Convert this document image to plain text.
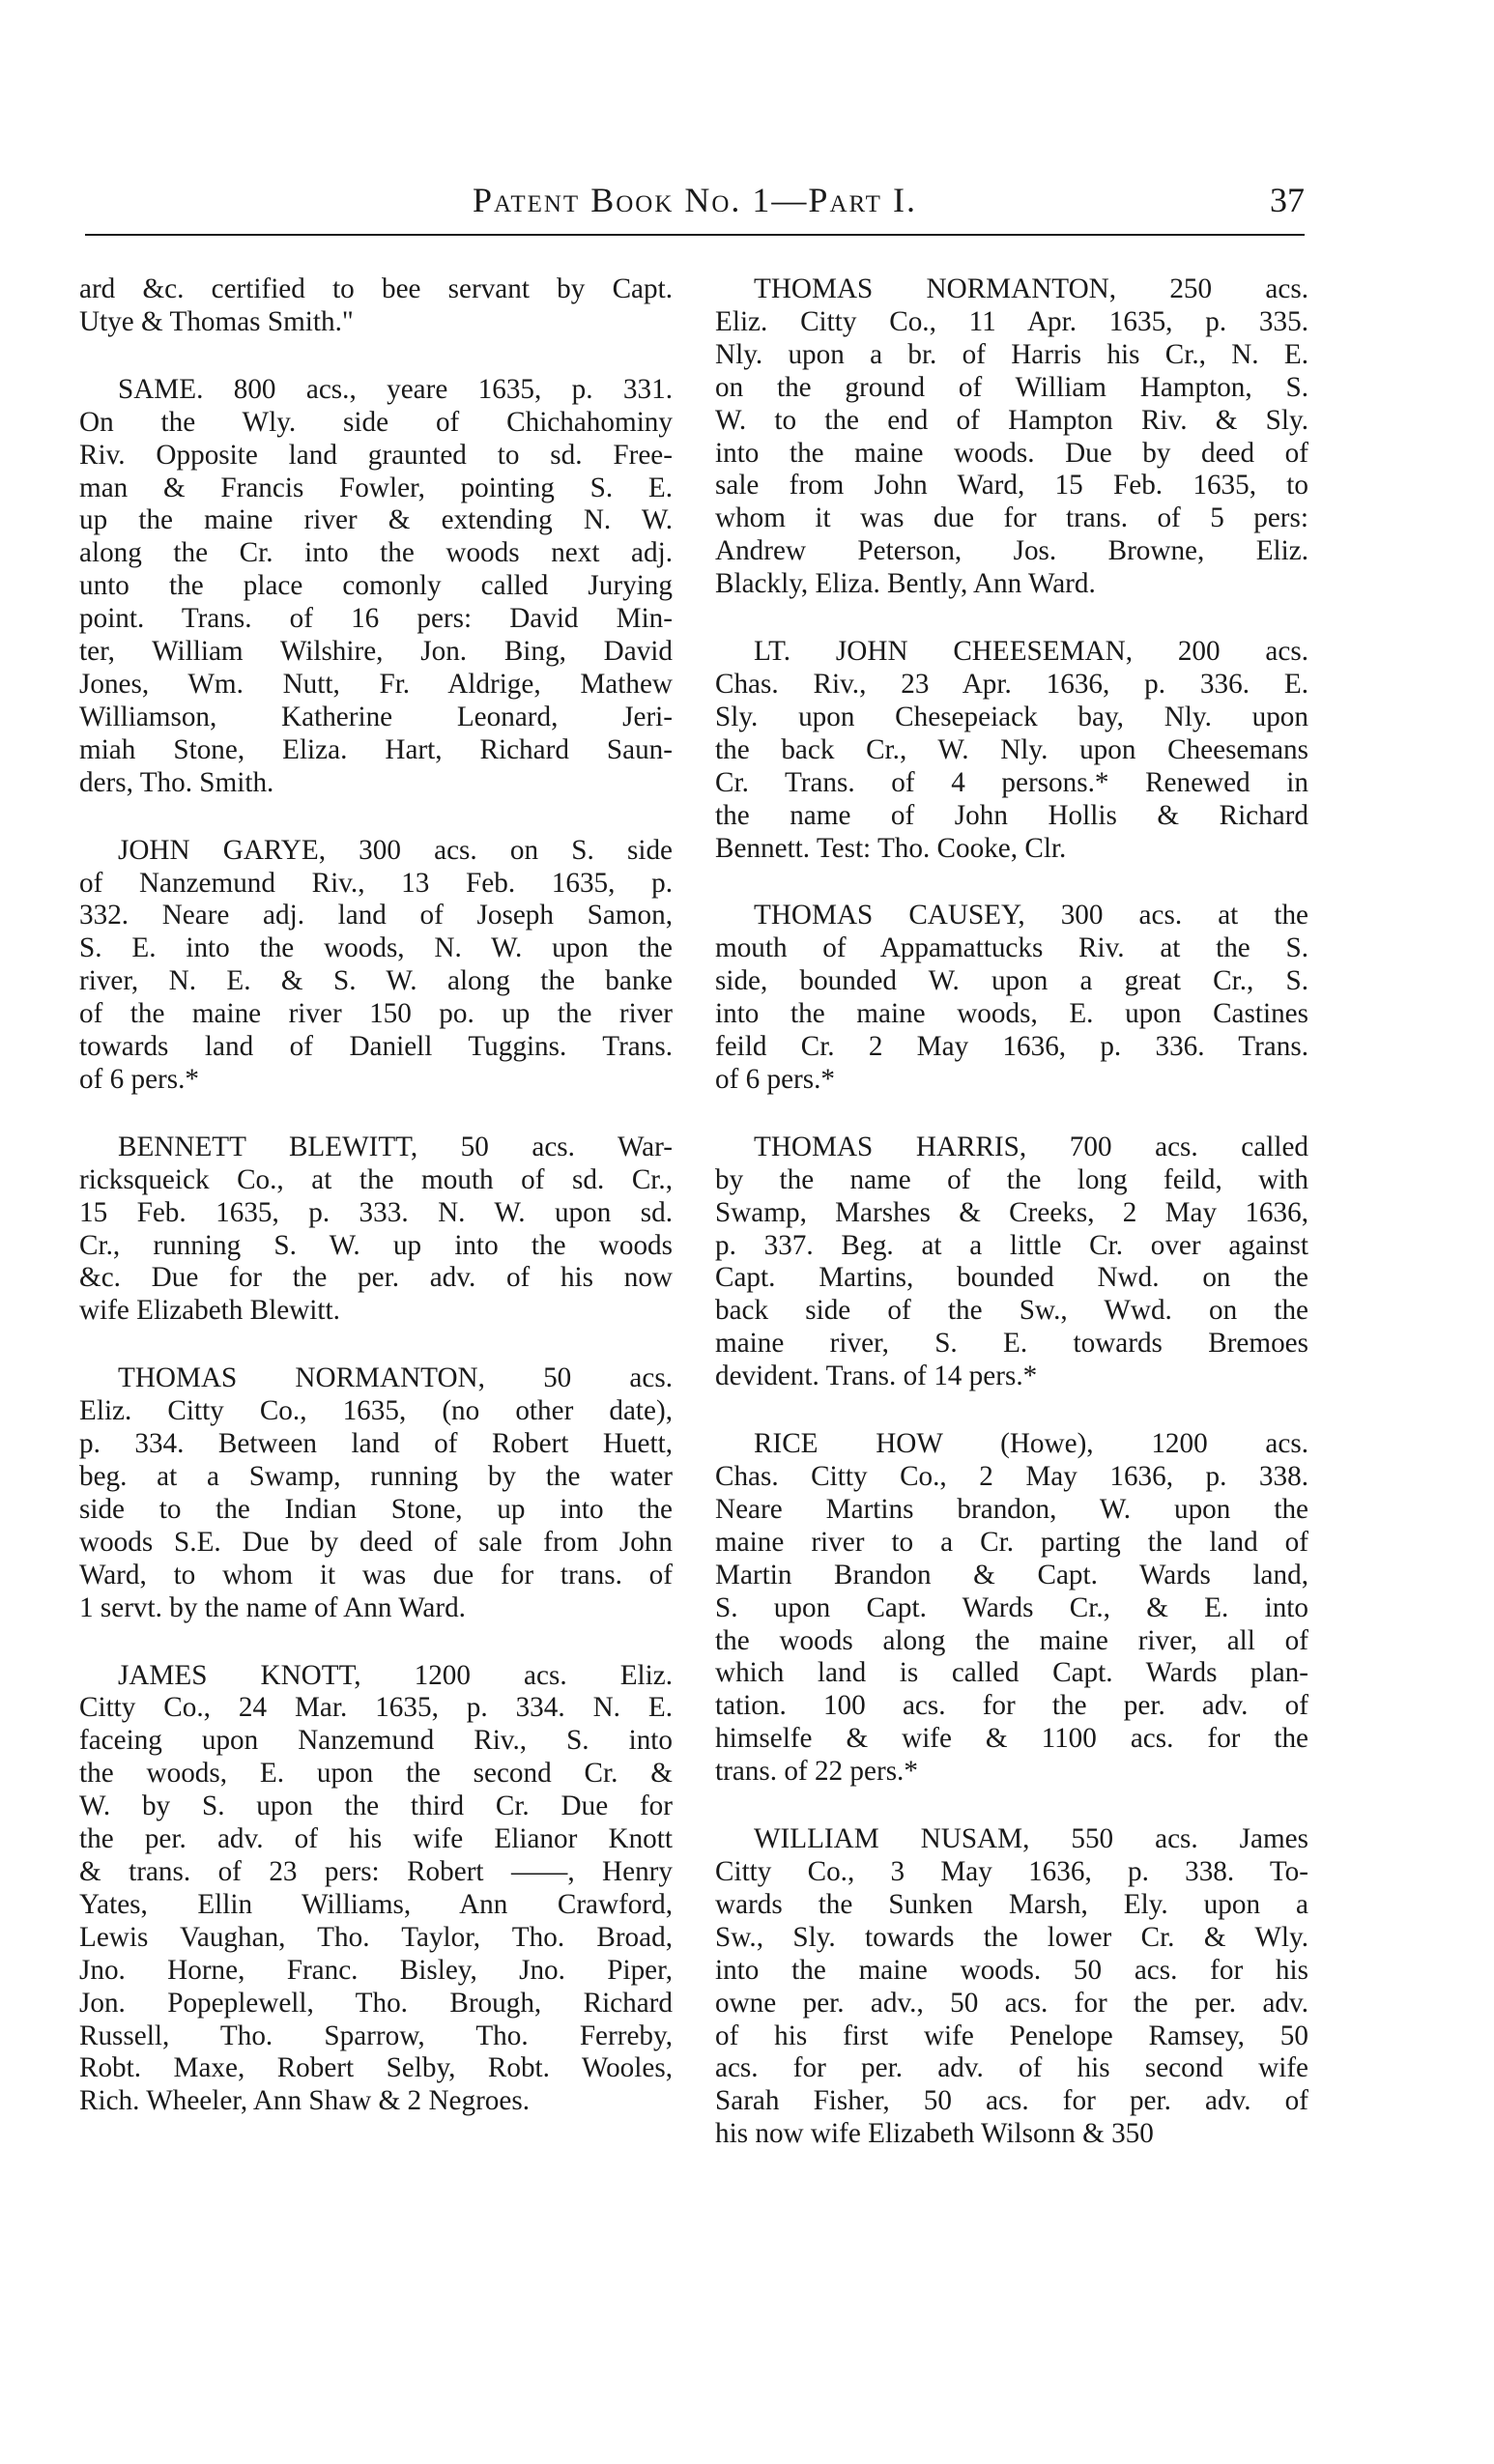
Patent Book No. 1—Part I.	37
ard &c. certified to bee servant by Capt.
Utye & Thomas Smith."
SAME. 800 acs., yeare 1635, p. 331.
On the Wly. side of Chichahominy
Riv. Opposite land graunted to sd. Free-
man & Francis Fowler, pointing S. E.
up the maine river & extending N. W.
along the Cr. into the woods next adj.
unto the place comonly called Jurying
point. Trans. of 16 pers: David Min-
ter, William Wilshire, Jon. Bing, David
Jones, Wm. Nutt, Fr. Aldrige, Mathew
Williamson, Katherine Leonard, Jeri-
miah Stone, Eliza. Hart, Richard Saun-
ders, Tho. Smith.
JOHN GARYE, 300 acs. on S. side
of Nanzemund Riv., 13 Feb. 1635, p.
332. Neare adj. land of Joseph Samon,
S. E. into the woods, N. W. upon the
river, N. E. & S. W. along the banke
of the maine river 150 po. up the river
towards land of Daniell Tuggins. Trans.
of 6 pers.*
BENNETT BLEWITT, 50 acs. War-
ricksqueick Co., at the mouth of sd. Cr.,
15 Feb. 1635, p. 333. N. W. upon sd.
Cr., running S. W. up into the woods
&c. Due for the per. adv. of his now
wife Elizabeth Blewitt.
THOMAS NORMANTON, 50 acs.
Eliz. Citty Co., 1635, (no other date),
p. 334. Between land of Robert Huett,
beg. at a Swamp, running by the water
side to the Indian Stone, up into the
woods S.E. Due by deed of sale from John
Ward, to whom it was due for trans. of
1 servt. by the name of Ann Ward.
JAMES KNOTT, 1200 acs. Eliz.
Citty Co., 24 Mar. 1635, p. 334. N. E.
faceing upon Nanzemund Riv., S. into
the woods, E. upon the second Cr. &
W. by S. upon the third Cr. Due for
the per. adv. of his wife Elianor Knott
& trans. of 23 pers: Robert ——, Henry
Yates, Ellin Williams, Ann Crawford,
Lewis Vaughan, Tho. Taylor, Tho. Broad,
Jno. Horne, Franc. Bisley, Jno. Piper,
Jon. Popeplewell, Tho. Brough, Richard
Russell, Tho. Sparrow, Tho. Ferreby,
Robt. Maxe, Robert Selby, Robt. Wooles,
Rich. Wheeler, Ann Shaw & 2 Negroes.
THOMAS NORMANTON, 250 acs.
Eliz. Citty Co., 11 Apr. 1635, p. 335.
Nly. upon a br. of Harris his Cr., N. E.
on the ground of William Hampton, S.
W. to the end of Hampton Riv. & Sly.
into the maine woods. Due by deed of
sale from John Ward, 15 Feb. 1635, to
whom it was due for trans. of 5 pers:
Andrew Peterson, Jos. Browne, Eliz.
Blackly, Eliza. Bently, Ann Ward.
LT. JOHN CHEESEMAN, 200 acs.
Chas. Riv., 23 Apr. 1636, p. 336. E.
Sly. upon Chesepeiack bay, Nly. upon
the back Cr., W. Nly. upon Cheesemans
Cr. Trans. of 4 persons.* Renewed in
the name of John Hollis & Richard
Bennett. Test: Tho. Cooke, Clr.
THOMAS CAUSEY, 300 acs. at the
mouth of Appamattucks Riv. at the S.
side, bounded W. upon a great Cr., S.
into the maine woods, E. upon Castines
feild Cr. 2 May 1636, p. 336. Trans.
of 6 pers.*
THOMAS HARRIS, 700 acs. called
by the name of the long feild, with
Swamp, Marshes & Creeks, 2 May 1636,
p. 337. Beg. at a little Cr. over against
Capt. Martins, bounded Nwd. on the
back side of the Sw., Wwd. on the
maine river, S. E. towards Bremoes
devident. Trans. of 14 pers.*
RICE HOW (Howe), 1200 acs.
Chas. Citty Co., 2 May 1636, p. 338.
Neare Martins brandon, W. upon the
maine river to a Cr. parting the land of
Martin Brandon & Capt. Wards land,
S. upon Capt. Wards Cr., & E. into
the woods along the maine river, all of
which land is called Capt. Wards plan-
tation. 100 acs. for the per. adv. of
himselfe & wife & 1100 acs. for the
trans. of 22 pers.*
WILLIAM NUSAM, 550 acs. James
Citty Co., 3 May 1636, p. 338. To-
wards the Sunken Marsh, Ely. upon a
Sw., Sly. towards the lower Cr. & Wly.
into the maine woods. 50 acs. for his
owne per. adv., 50 acs. for the per. adv.
of his first wife Penelope Ramsey, 50
acs. for per. adv. of his second wife
Sarah Fisher, 50 acs. for per. adv. of
his now wife Elizabeth Wilsonn & 350
